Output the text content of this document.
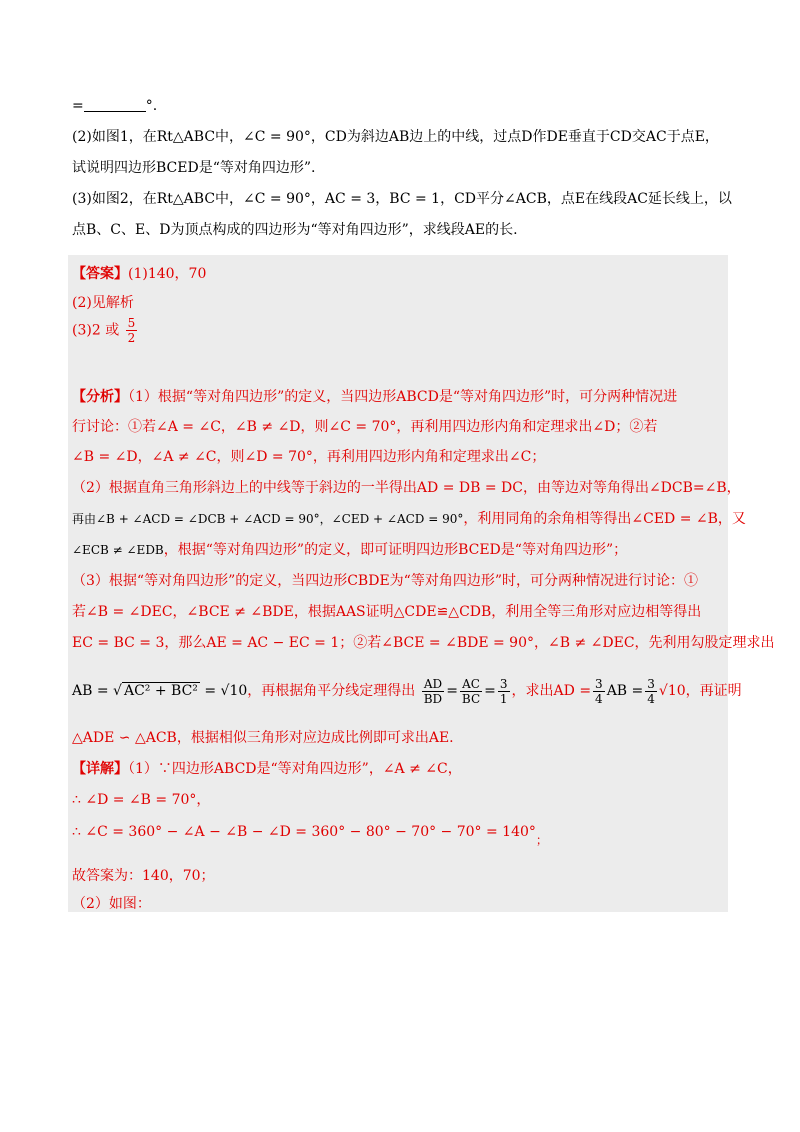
=	°.
(2)如图1，在Rt△ABC中，∠C = 90°，CD为斜边AB边上的中线，过点D作DE垂直于CD交AC于点E，
试说明四边形BCED是“等对角四边形”.
(3)如图2，在Rt△ABC中，∠C = 90°，AC = 3，BC = 1，CD平分∠ACB，点E在线段AC延长线上，以
点B、C、E、D为顶点构成的四边形为“等对角四边形”，求线段AE的长.
【答案】(1)140，70
(2)见解析
(3)2 或 $\frac{5}{2}$
【分析】（1）根据“等对角四边形”的定义，当四边形ABCD是“等对角四边形”时，可分两种情况进
行讨论：①若∠A = ∠C，∠B ≠ ∠D，则∠C = 70°，再利用四边形内角和定理求出∠D；②若
∠B = ∠D，∠A ≠ ∠C，则∠D = 70°，再利用四边形内角和定理求出∠C；
（2）根据直角三角形斜边上的中线等于斜边的一半得出AD = DB = DC，由等边对等角得出∠DCB=∠B，
再由∠B + ∠ACD = ∠DCB + ∠ACD = 90°，∠CED + ∠ACD = 90°，利用同角的余角相等得出∠CED = ∠B，又
∠ECB ≠ ∠EDB，根据“等对角四边形”的定义，即可证明四边形BCED是“等对角四边形”；
（3）根据“等对角四边形”的定义，当四边形CBDE为“等对角四边形”时，可分两种情况进行讨论：①
若∠B = ∠DEC，∠BCE ≠ ∠BDE，根据AAS证明△CDE≌△CDB，利用全等三角形对应边相等得出
EC = BC = 3，那么AE = AC − EC = 1；②若∠BCE = ∠BDE = 90°，∠B ≠ ∠DEC，先利用勾股定理求出
AB = √ AC² + BC² = √10，再根据角平分线定理得出 $\frac{AD}{BD} = \frac{AC}{BC} = \frac{3}{1}$ ，求出AD = $\frac{3}{4}$ AB = $\frac{3}{4} √10$，再证明
△ADE ∽ △ACB，根据相似三角形对应边成比例即可求出AE.
【详解】（1）∵四边形ABCD是“等对角四边形”，∠A ≠ ∠C，
∴ ∠D = ∠B = 70°，
∴ ∠C = 360° − ∠A − ∠B − ∠D = 360° − 80° − 70° − 70° = 140°；
故答案为：140，70；
（2）如图：
